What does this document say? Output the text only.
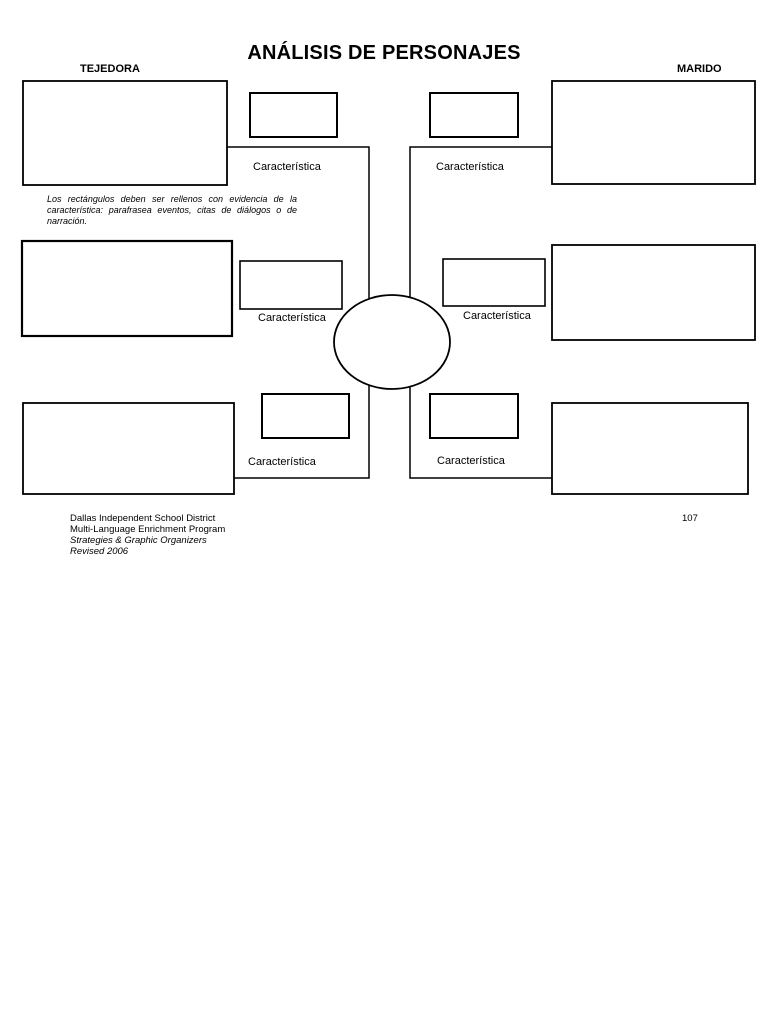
Característica	Característica
Característica	Característica
Característica	Característica
ANÁLISIS DE PERSONAJES
TEJEDORA	MARIDO
Los rectángulos deben ser rellenos con evidencia de la característica: parafrasea eventos, citas de diálogos o de narración.
Dallas Independent School District
Multi-Language Enrichment Program
Strategies & Graphic Organizers
Revised 2006
107
